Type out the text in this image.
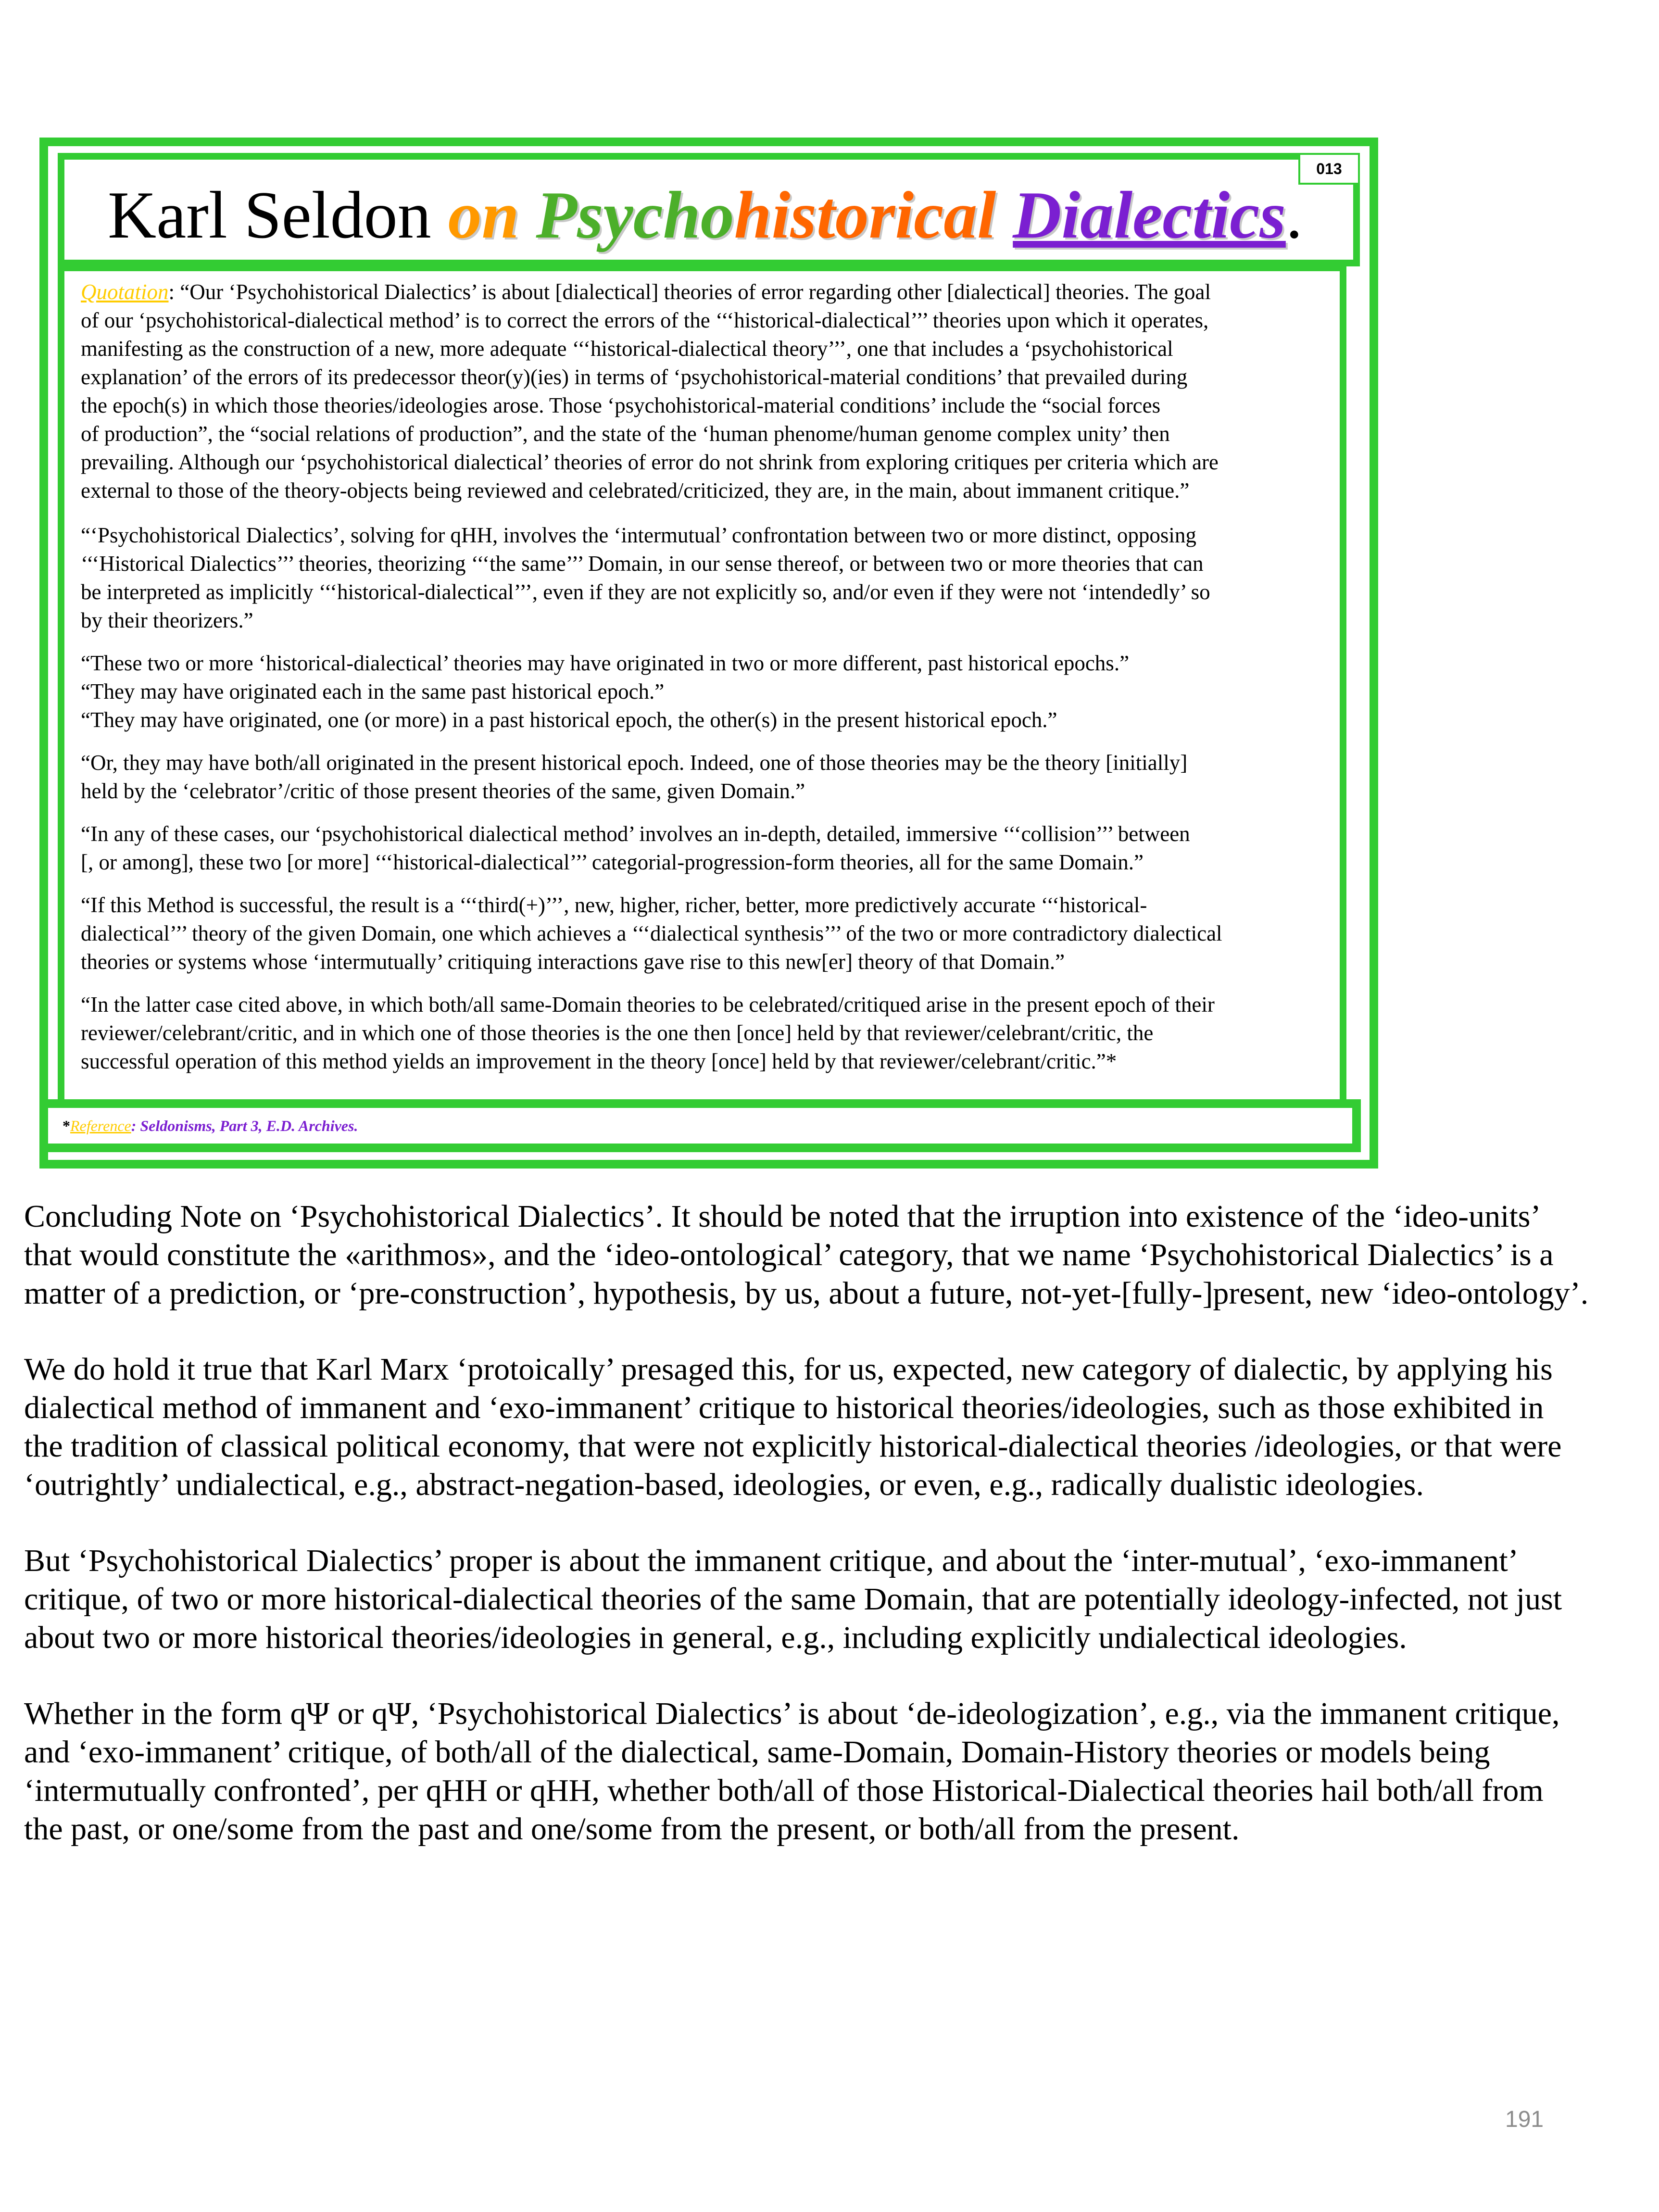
013
Karl Seldon on Psychohistorical Dialectics.

Quotation: “Our ‘Psychohistorical Dialectics’ is about [dialectical] theories of error regarding other [dialectical] theories. The goal
of our ‘psychohistorical-dialectical method’ is to correct the errors of the ‘‘‘historical-dialectical’’’ theories upon which it operates,
manifesting as the construction of a new, more adequate ‘‘‘historical-dialectical theory’’’, one that includes a ‘psychohistorical
explanation’ of the errors of its predecessor theor(y)(ies) in terms of ‘psychohistorical-material conditions’ that prevailed during
the epoch(s) in which those theories/ideologies arose. Those ‘psychohistorical-material conditions’ include the “social forces
of production”, the “social relations of production”, and the state of the ‘human phenome/human genome complex unity’ then
prevailing. Although our ‘psychohistorical dialectical’ theories of error do not shrink from exploring critiques per criteria which are
external to those of the theory-objects being reviewed and celebrated/criticized, they are, in the main, about immanent critique.”

“‘Psychohistorical Dialectics’, solving for qHH, involves the ‘intermutual’ confrontation between two or more distinct, opposing
‘‘‘Historical Dialectics’’’ theories, theorizing ‘‘‘the same’’’ Domain, in our sense thereof, or between two or more theories that can
be interpreted as implicitly ‘‘‘historical-dialectical’’’, even if they are not explicitly so, and/or even if they were not ‘intendedly’ so
by their theorizers.”

“These two or more ‘historical-dialectical’ theories may have originated in two or more different, past historical epochs.”
“They may have originated each in the same past historical epoch.”
“They may have originated, one (or more) in a past historical epoch, the other(s) in the present historical epoch.”

“Or, they may have both/all originated in the present historical epoch. Indeed, one of those theories may be the theory [initially]
held by the ‘celebrator’/critic of those present theories of the same, given Domain.”

“In any of these cases, our ‘psychohistorical dialectical method’ involves an in-depth, detailed, immersive ‘‘‘collision’’’ between
[, or among], these two [or more] ‘‘‘historical-dialectical’’’ categorial-progression-form theories, all for the same Domain.”

“If this Method is successful, the result is a ‘‘‘third(+)’’’, new, higher, richer, better, more predictively accurate ‘‘‘historical-
dialectical’’’ theory of the given Domain, one which achieves a ‘‘‘dialectical synthesis’’’ of the two or more contradictory dialectical
theories or systems whose ‘intermutually’ critiquing interactions gave rise to this new[er] theory of that Domain.”

“In the latter case cited above, in which both/all same-Domain theories to be celebrated/critiqued arise in the present epoch of their
reviewer/celebrant/critic, and in which one of those theories is the one then [once] held by that reviewer/celebrant/critic, the
successful operation of this method yields an improvement in the theory [once] held by that reviewer/celebrant/critic.”*

*Reference: Seldonisms, Part 3, E.D. Archives.

Concluding Note on ‘Psychohistorical Dialectics’. It should be noted that the irruption into existence of the ‘ideo-units’
that would constitute the «arithmos», and the ‘ideo-ontological’ category, that we name ‘Psychohistorical Dialectics’ is a
matter of a prediction, or ‘pre-construction’, hypothesis, by us, about a future, not-yet-[fully-]present, new ‘ideo-ontology’.

We do hold it true that Karl Marx ‘protoically’ presaged this, for us, expected, new category of dialectic, by applying his
dialectical method of immanent and ‘exo-immanent’ critique to historical theories/ideologies, such as those exhibited in
the tradition of classical political economy, that were not explicitly historical-dialectical theories /ideologies, or that were
‘outrightly’ undialectical, e.g., abstract-negation-based, ideologies, or even, e.g., radically dualistic ideologies.

But ‘Psychohistorical Dialectics’ proper is about the immanent critique, and about the ‘inter-mutual’, ‘exo-immanent’
critique, of two or more historical-dialectical theories of the same Domain, that are potentially ideology-infected, not just
about two or more historical theories/ideologies in general, e.g., including explicitly undialectical ideologies.

Whether in the form qΨ or qΨ, ‘Psychohistorical Dialectics’ is about ‘de-ideologization’, e.g., via the immanent critique,
and ‘exo-immanent’ critique, of both/all of the dialectical, same-Domain, Domain-History theories or models being
‘intermutually confronted’, per qHH or qHH, whether both/all of those Historical-Dialectical theories hail both/all from
the past, or one/some from the past and one/some from the present, or both/all from the present.

191
